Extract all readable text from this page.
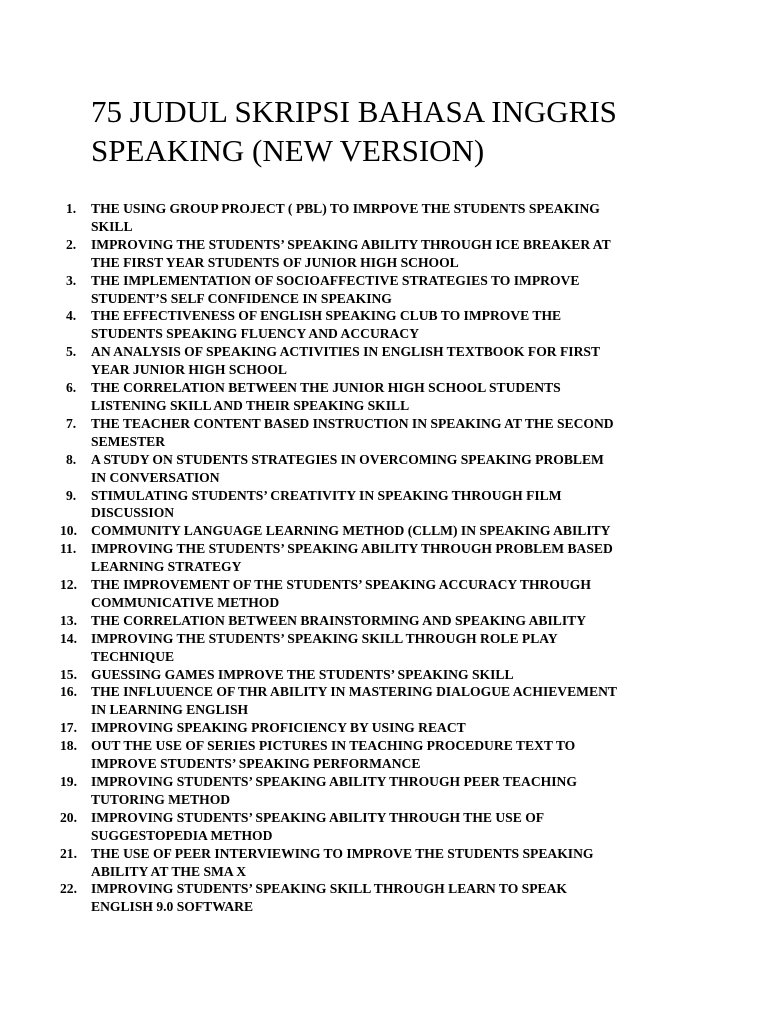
75 JUDUL SKRIPSI BAHASA INGGRIS
SPEAKING (NEW VERSION)
1.	THE USING GROUP PROJECT ( PBL) TO IMRPOVE THE STUDENTS SPEAKING
SKILL
2.	IMPROVING THE STUDENTS’ SPEAKING ABILITY THROUGH ICE BREAKER AT
THE FIRST YEAR STUDENTS OF JUNIOR HIGH SCHOOL
3.	THE IMPLEMENTATION OF SOCIOAFFECTIVE STRATEGIES TO IMPROVE
STUDENT’S SELF CONFIDENCE IN SPEAKING
4.	THE EFFECTIVENESS OF ENGLISH SPEAKING CLUB TO IMPROVE THE
STUDENTS SPEAKING FLUENCY AND ACCURACY
5.	AN ANALYSIS OF SPEAKING ACTIVITIES IN ENGLISH TEXTBOOK FOR FIRST
YEAR JUNIOR HIGH SCHOOL
6.	THE CORRELATION BETWEEN THE JUNIOR HIGH SCHOOL STUDENTS
LISTENING SKILL AND THEIR SPEAKING SKILL
7.	THE TEACHER CONTENT BASED INSTRUCTION IN SPEAKING AT THE SECOND
SEMESTER
8.	A STUDY ON STUDENTS STRATEGIES IN OVERCOMING SPEAKING PROBLEM
IN CONVERSATION
9.	STIMULATING STUDENTS’ CREATIVITY IN SPEAKING THROUGH FILM
DISCUSSION
10.	COMMUNITY LANGUAGE LEARNING METHOD (CLLM) IN SPEAKING ABILITY
11.	IMPROVING THE STUDENTS’ SPEAKING ABILITY THROUGH PROBLEM BASED
LEARNING STRATEGY
12.	THE IMPROVEMENT OF THE STUDENTS’ SPEAKING ACCURACY THROUGH
COMMUNICATIVE METHOD
13.	THE CORRELATION BETWEEN BRAINSTORMING AND SPEAKING ABILITY
14.	IMPROVING THE STUDENTS’ SPEAKING SKILL THROUGH ROLE PLAY
TECHNIQUE
15.	GUESSING GAMES IMPROVE THE STUDENTS’ SPEAKING SKILL
16.	THE INFLUUENCE OF THR ABILITY IN MASTERING DIALOGUE ACHIEVEMENT
IN LEARNING ENGLISH
17.	IMPROVING SPEAKING PROFICIENCY BY USING REACT
18.	OUT THE USE OF SERIES PICTURES IN TEACHING PROCEDURE TEXT TO
IMPROVE STUDENTS’ SPEAKING PERFORMANCE
19.	IMPROVING STUDENTS’ SPEAKING ABILITY THROUGH PEER TEACHING
TUTORING METHOD
20.	IMPROVING STUDENTS’ SPEAKING ABILITY THROUGH THE USE OF
SUGGESTOPEDIA METHOD
21.	THE USE OF PEER INTERVIEWING TO IMPROVE THE STUDENTS SPEAKING
ABILITY AT THE SMA X
22.	IMPROVING STUDENTS’ SPEAKING SKILL THROUGH LEARN TO SPEAK
ENGLISH 9.0 SOFTWARE
